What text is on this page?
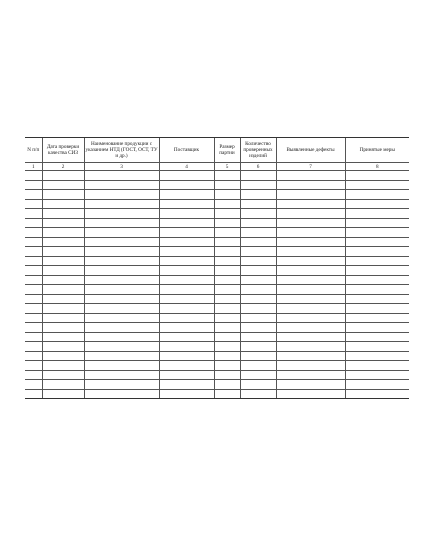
N п/п	Дата проверки качества СИЗ	Наименование продукции с указанием НТД (ГОСТ, ОСТ, ТУ и др.)	Поставщик	Размер партии	Количество проверенных изделий	Выявленные дефекты	Принятые меры
1	2	3	4	5	6	7	8
